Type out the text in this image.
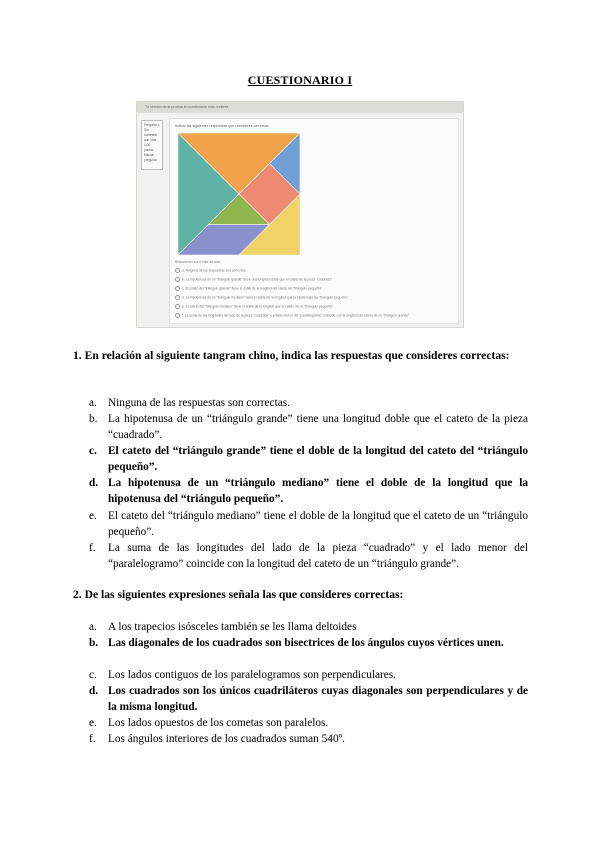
CUESTIONARIO I
Tu versión de la prueba al cuestionario más reciente
Pregunta 1 Sin contestar aún Vale 1,00 puntos Marcar pregunta
Indicar las siguientes respuestas que consideres correctas:
Seleccione una o más de una:
a. Ninguna de las respuestas son correctas.
b. La hipotenusa de un "triángulo grande" tiene una longitud doble que el cateto de la pieza "cuadrado".
c. El cateto del "triángulo grande" tiene el doble de la longitud del cateto del "triángulo pequeño".
d. La hipotenusa de un "triángulo mediano" tiene el doble de la longitud que la hipotenusa del "triángulo pequeño".
e. El cateto del "triángulo mediano" tiene el doble de la longitud que el cateto de un "triángulo pequeño".
f. La suma de las longitudes del lado de la pieza "cuadrado" y el lado menor del "paralelogramo" coincide con la longitud del cateto de un "triángulo grande".
1. En relación al siguiente tangram chino, indica las respuestas que consideres correctas:
a. Ninguna de las respuestas son correctas.
b. La hipotenusa de un “triángulo grande” tiene una longitud doble que el cateto de la pieza “cuadrado”.
c. El cateto del “triángulo grande” tiene el doble de la longitud del cateto del “triángulo pequeño”.
d. La hipotenusa de un “triángulo mediano” tiene el doble de la longitud que la hipotenusa del “triángulo pequeño”.
e. El cateto del “triángulo mediano” tiene el doble de la longitud que el cateto de un “triángulo pequeño”.
f.	La suma de las longitudes del lado de la pieza “cuadrado” y el lado menor del “paralelogramo” coincide con la longitud del cateto de un “triángulo grande”.
2. De las siguientes expresiones señala las que consideres correctas:
a. A los trapecios isósceles también se les llama deltoides
b. Las diagonales de los cuadrados son bisectrices de los ángulos cuyos vértices unen.
c. Los lados contiguos de los paralelogramos son perpendiculares.
d. Los cuadrados son los únicos cuadriláteros cuyas diagonales son perpendiculares y de la misma longitud.
e. Los lados opuestos de los cometas son paralelos.
f.	Los ángulos interiores de los cuadrados suman 540º.
